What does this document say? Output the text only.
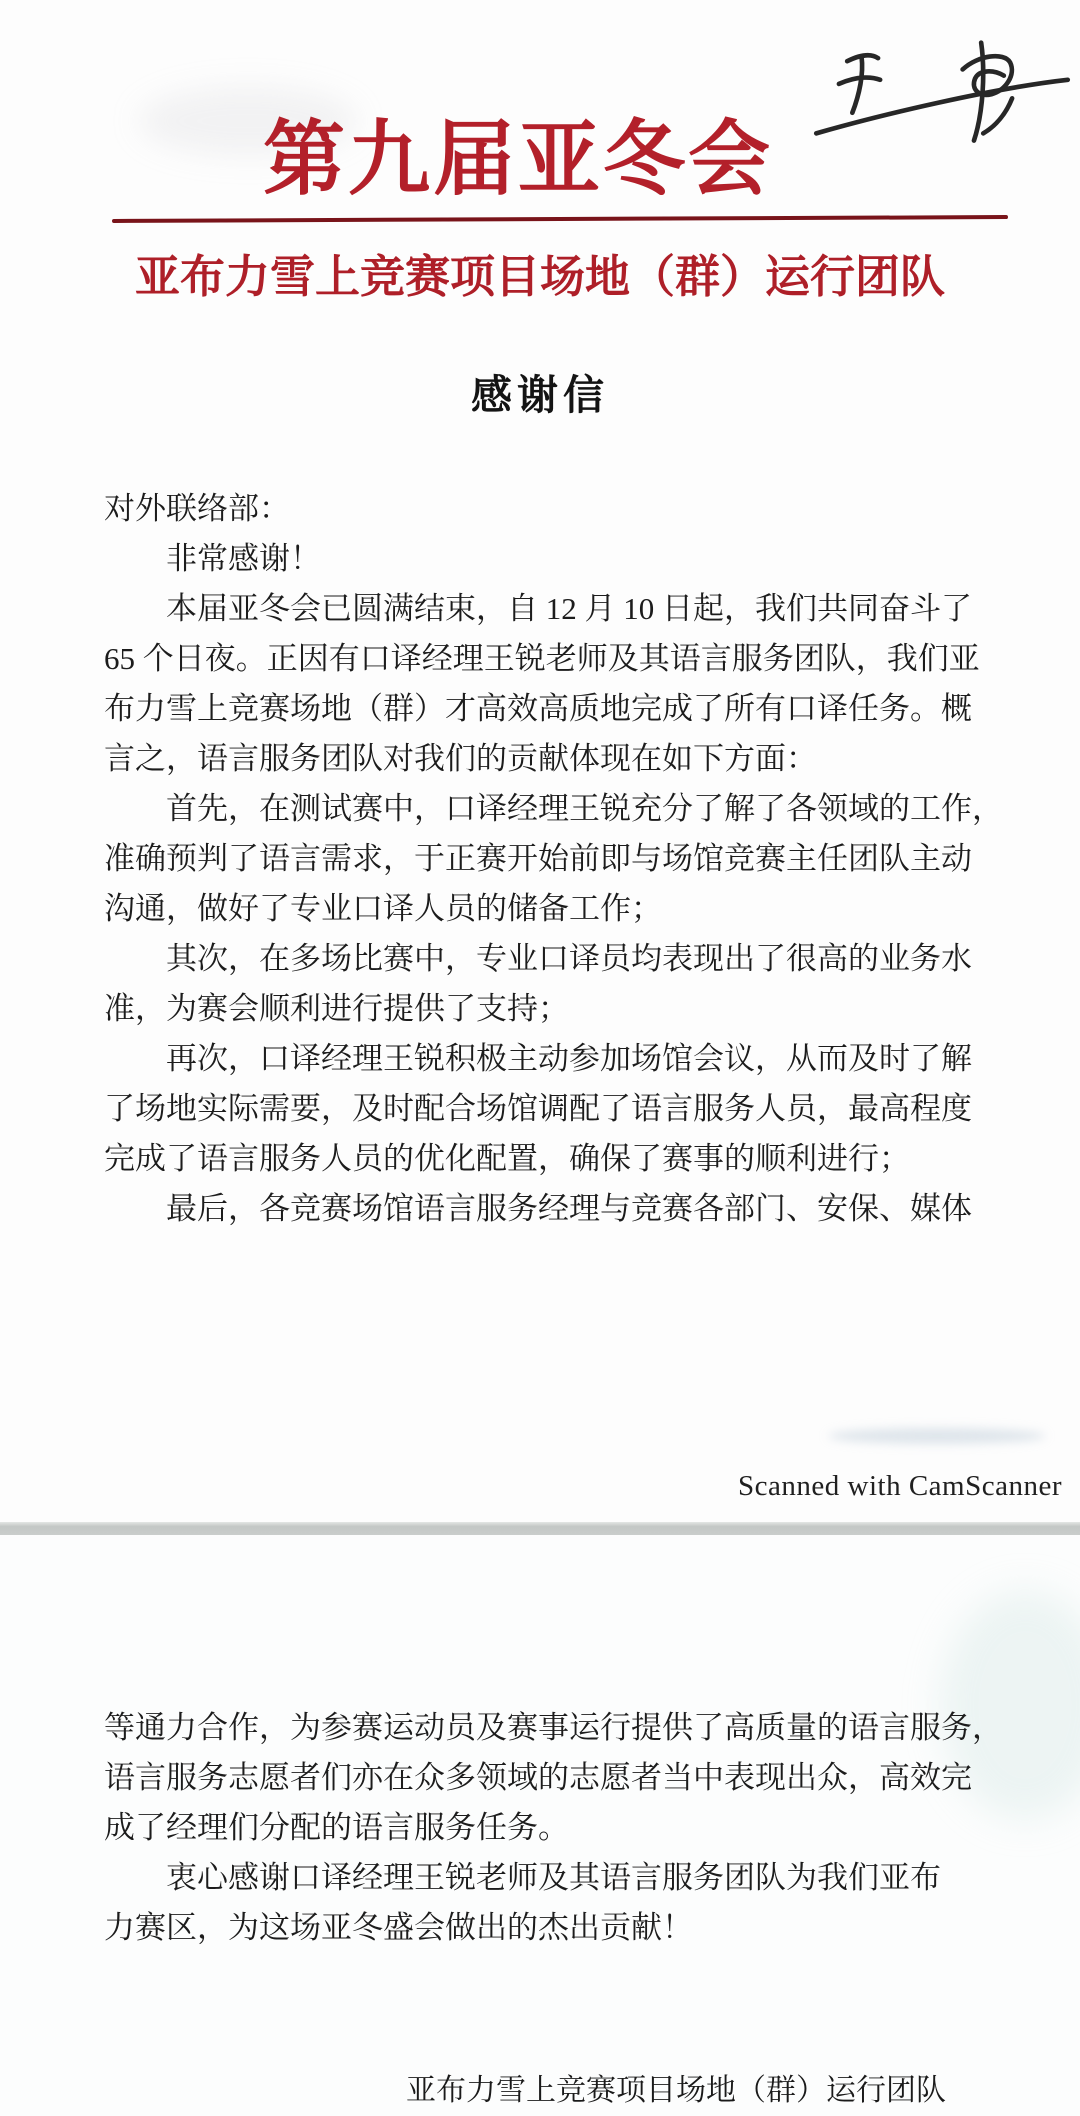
第九届亚冬会
亚布力雪上竞赛项目场地（群）运行团队
感谢信
对外联络部：
非常感谢！
本届亚冬会已圆满结束，自 12 月 10 日起，我们共同奋斗了
65 个日夜。正因有口译经理王锐老师及其语言服务团队，我们亚
布力雪上竞赛场地（群）才高效高质地完成了所有口译任务。概
言之，语言服务团队对我们的贡献体现在如下方面：
首先，在测试赛中，口译经理王锐充分了解了各领域的工作，
准确预判了语言需求，于正赛开始前即与场馆竞赛主任团队主动
沟通，做好了专业口译人员的储备工作；
其次，在多场比赛中，专业口译员均表现出了很高的业务水
准，为赛会顺利进行提供了支持；
再次，口译经理王锐积极主动参加场馆会议，从而及时了解
了场地实际需要，及时配合场馆调配了语言服务人员，最高程度
完成了语言服务人员的优化配置，确保了赛事的顺利进行；
最后，各竞赛场馆语言服务经理与竞赛各部门、安保、媒体
Scanned with CamScanner
等通力合作，为参赛运动员及赛事运行提供了高质量的语言服务，
语言服务志愿者们亦在众多领域的志愿者当中表现出众，高效完
成了经理们分配的语言服务任务。
衷心感谢口译经理王锐老师及其语言服务团队为我们亚布
力赛区，为这场亚冬盛会做出的杰出贡献！
亚布力雪上竞赛项目场地（群）运行团队
